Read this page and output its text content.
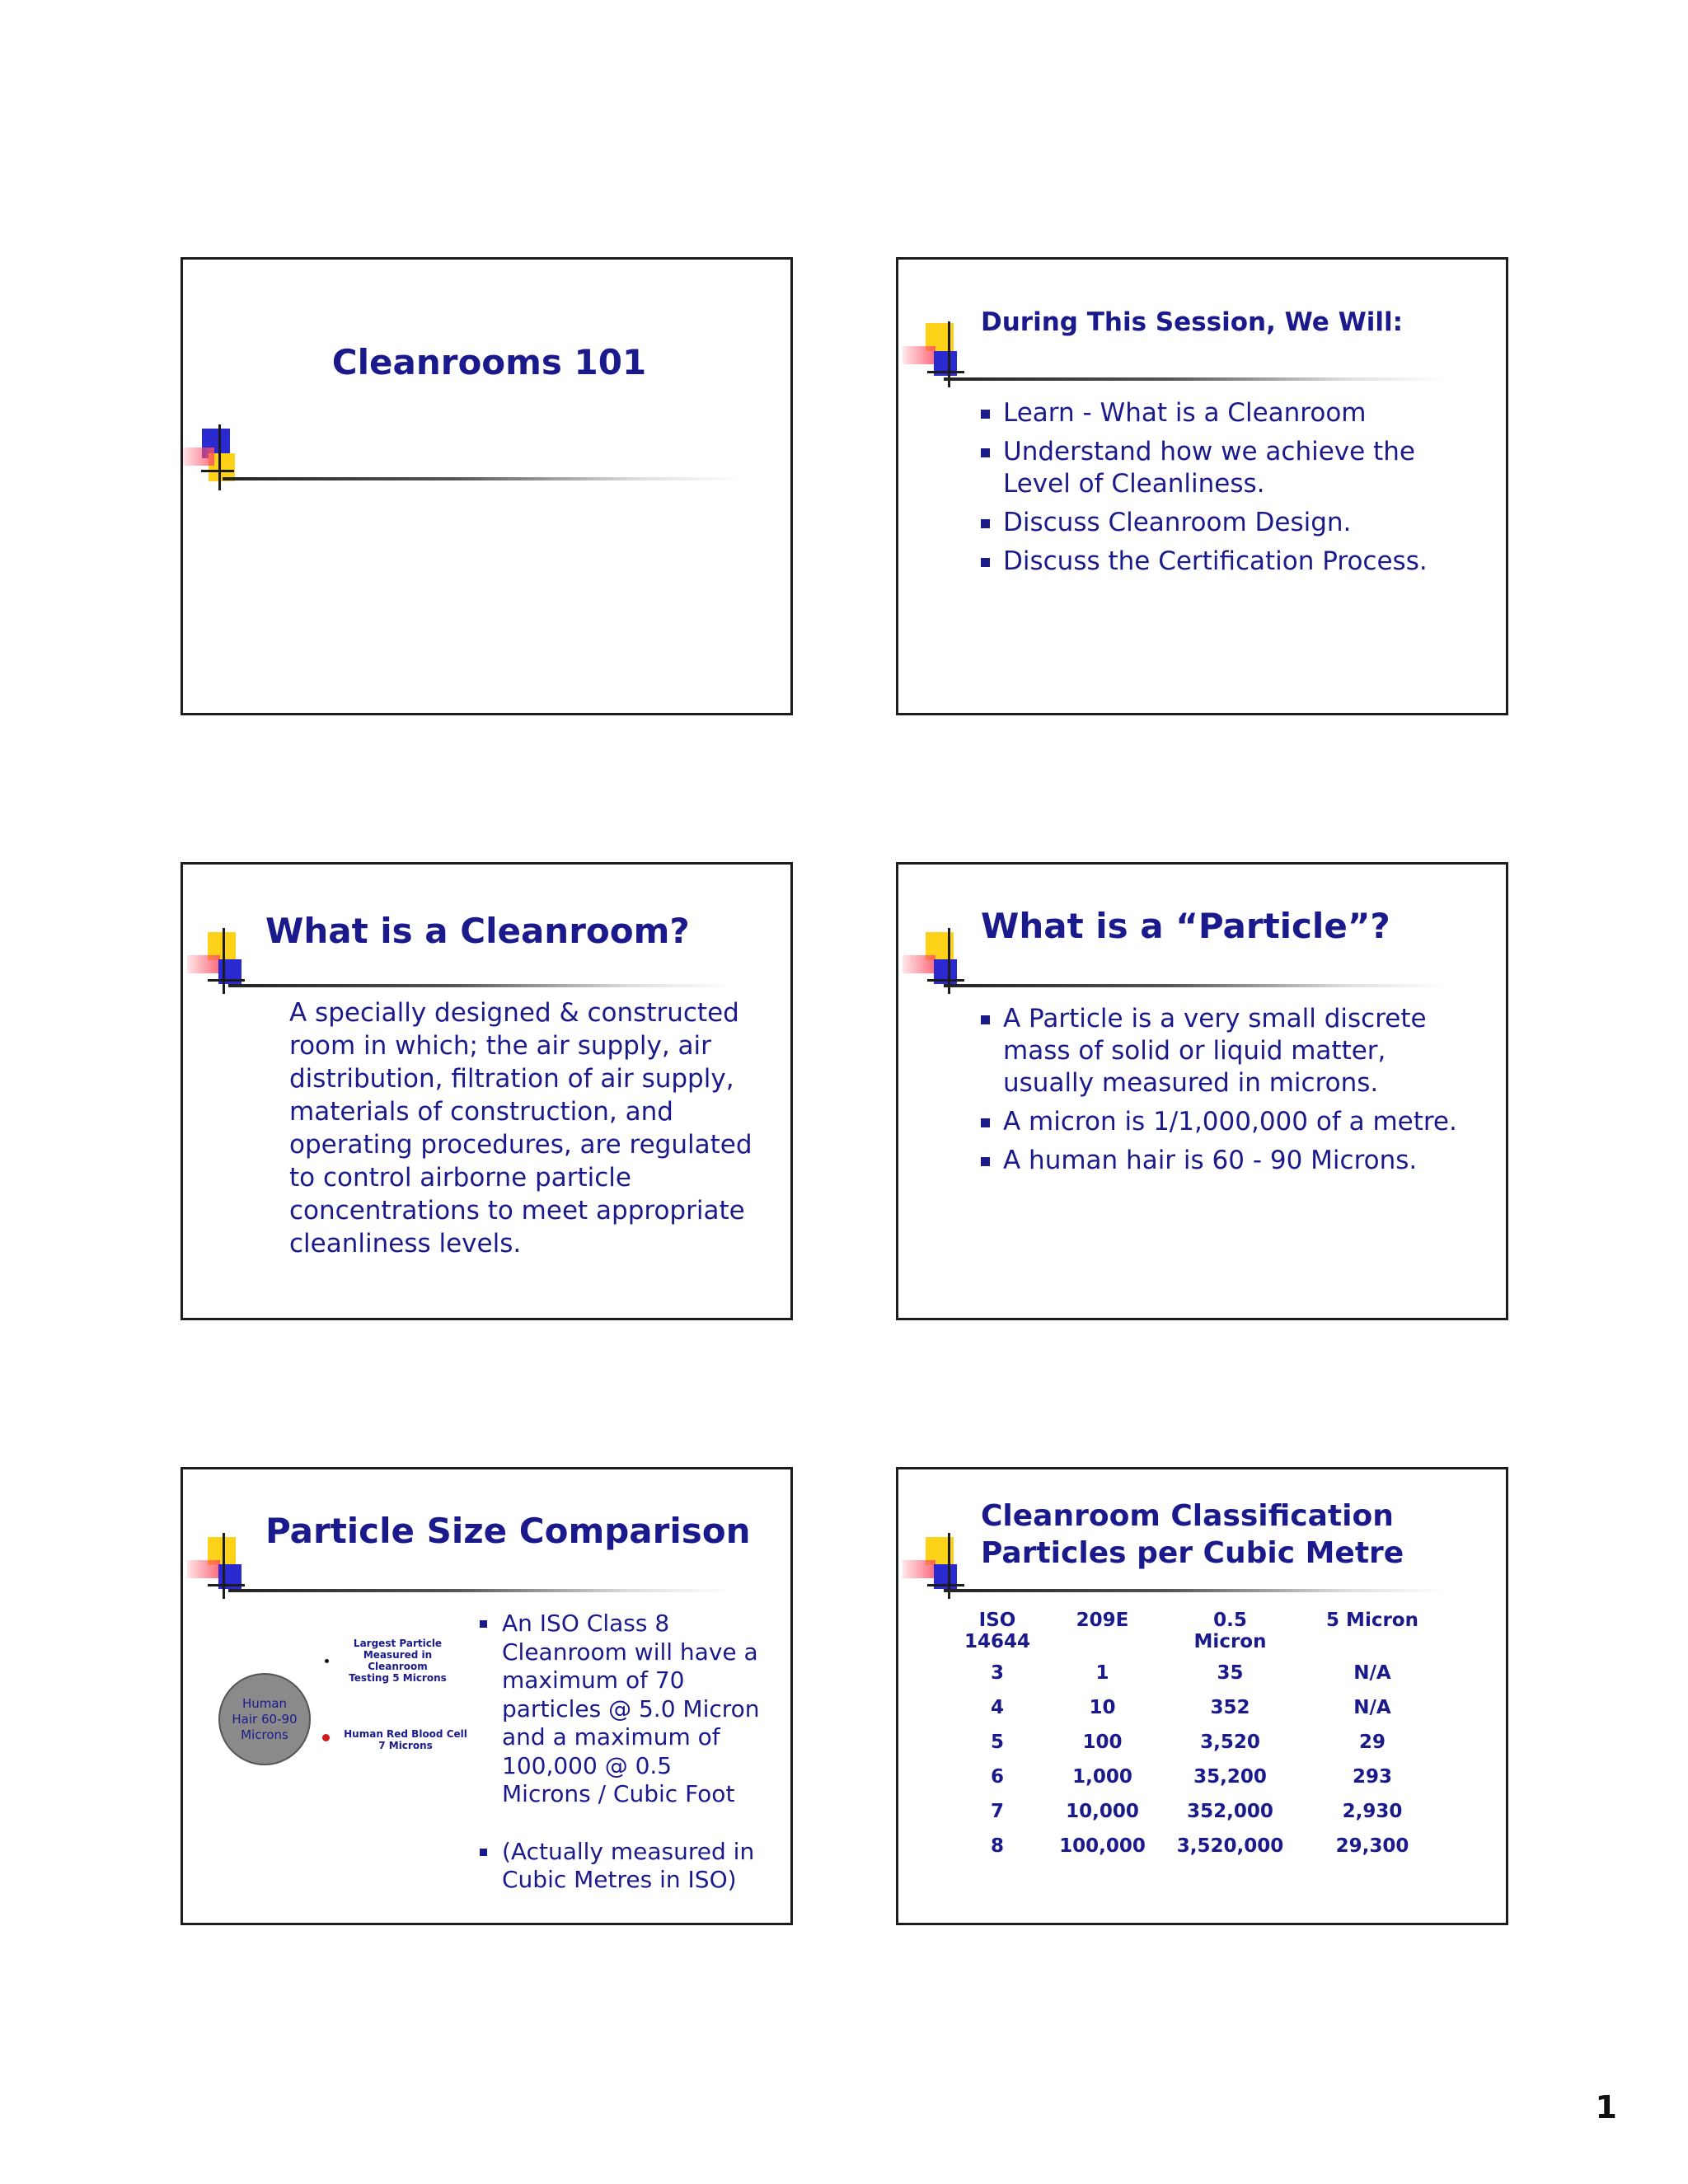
Cleanrooms 101
During This Session, We Will:
Learn - What is a Cleanroom
Understand how we achieve the Level of Cleanliness.
Discuss Cleanroom Design.
Discuss the Certification Process.
What is a Cleanroom?
A specially designed & constructed room in which; the air supply, air distribution, filtration of air supply, materials of construction, and operating procedures, are regulated to control airborne particle concentrations to meet appropriate cleanliness levels.
What is a “Particle”?
A Particle is a very small discrete mass of solid or liquid matter, usually measured in microns.
A micron is 1/1,000,000 of a metre.
A human hair is 60 - 90 Microns.
Particle Size Comparison
Human Hair 60-90 Microns
Largest Particle Measured in Cleanroom Testing 5 Microns
Human Red Blood Cell 7 Microns
An ISO Class 8 Cleanroom will have a maximum of 70 particles @ 5.0 Micron and a maximum of 100,000 @ 0.5 Microns / Cubic Foot
(Actually measured in Cubic Metres in ISO)
Cleanroom Classification
Particles per Cubic Metre
ISO 14644	209E	0.5 Micron	5 Micron
3	1	35	N/A
4	10	352	N/A
5	100	3,520	29
6	1,000	35,200	293
7	10,000	352,000	2,930
8	100,000	3,520,000	29,300
1
